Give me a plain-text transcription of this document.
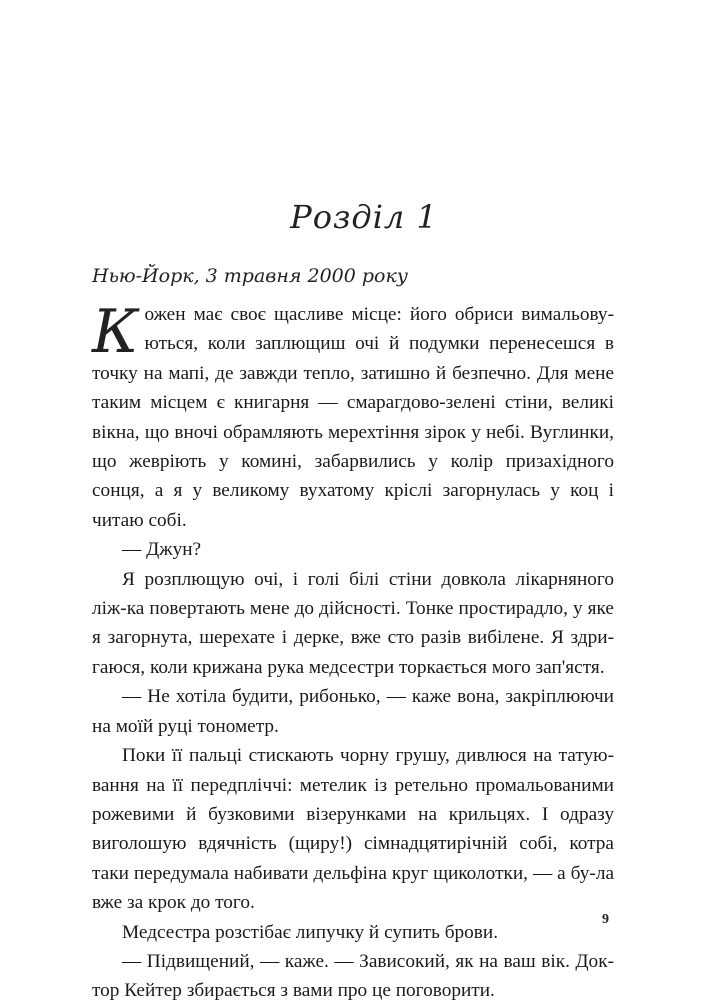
Розділ 1
Нью-Йорк, 3 травня 2000 року

Кожен має своє щасливе місце: його обриси вимальову-ються, коли заплющиш очі й подумки перенесешся в точку на мапі, де завжди тепло, затишно й безпечно. Для мене таким місцем є книгарня — смарагдово-зелені стіни, великі вікна, що вночі обрамляють мерехтіння зірок у небі. Вуглинки, що жевріють у комині, забарвились у колір призахідного сонця, а я у великому вухатому кріслі загорнулась у коц і читаю собі.

— Джун?

Я розплющую очі, і голі білі стіни довкола лікарняного ліж-ка повертають мене до дійсності. Тонке простирадло, у яке я загорнута, шерехате і дерке, вже сто разів вибілене. Я здри-гаюся, коли крижана рука медсестри торкається мого зап'ястя.

— Не хотіла будити, рибонько, — каже вона, закріплюючи на моїй руці тонометр.

Поки її пальці стискають чорну грушу, дивлюся на татую-вання на її передпліччі: метелик із ретельно промальованими рожевими й бузковими візерунками на крильцях. І одразу виголошую вдячність (щиру!) сімнадцятирічній собі, котра таки передумала набивати дельфіна круг щиколотки, — а бу-ла вже за крок до того.

Медсестра розстібає липучку й супить брови.

— Підвищений, — каже. — Зависокий, як на ваш вік. Док-тор Кейтер збирається з вами про це поговорити.

9
